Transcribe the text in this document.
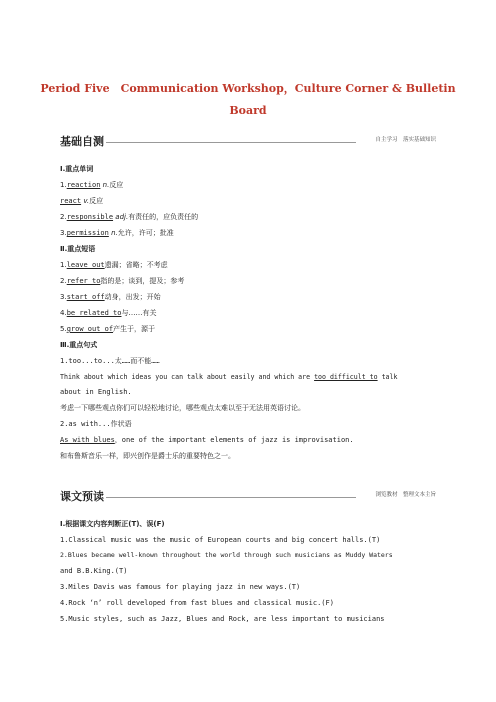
Period Five　Communication Workshop，Culture Corner & Bulletin
Board
基础自测	自主学习　落实基础知识
Ⅰ.重点单词
1.reaction n.反应
react v.反应
2.responsible adj.有责任的，应负责任的
3.permission n.允许，许可；批准
Ⅱ.重点短语
1.leave out遗漏；省略；不考虑
2.refer to指的是；谈到，提及；参考
3.start off动身，出发；开始
4.be related to与……有关
5.grow out of产生于，源于
Ⅲ.重点句式
1.too...to...太……而不能……
Think about which ideas you can talk about easily and which are too difficult to talk
about in English.
考虑一下哪些观点你们可以轻松地讨论，哪些观点太难以至于无法用英语讨论。
2.as with...作状语
As with blues，one of the important elements of jazz is improvisation.
和布鲁斯音乐一样，即兴创作是爵士乐的重要特色之一。
课文预读	浏览教材　整理文本主旨
Ⅰ.根据课文内容判断正(T)、误(F)
1.Classical music was the music of European courts and big concert halls.(T)
2.Blues became well-known throughout the world through such musicians as Muddy Waters
and B.B.King.(T)
3.Miles Davis was famous for playing jazz in new ways.(T)
4.Rock ‘n’ roll developed from fast blues and classical music.(F)
5.Music styles, such as Jazz, Blues and Rock, are less important to musicians
